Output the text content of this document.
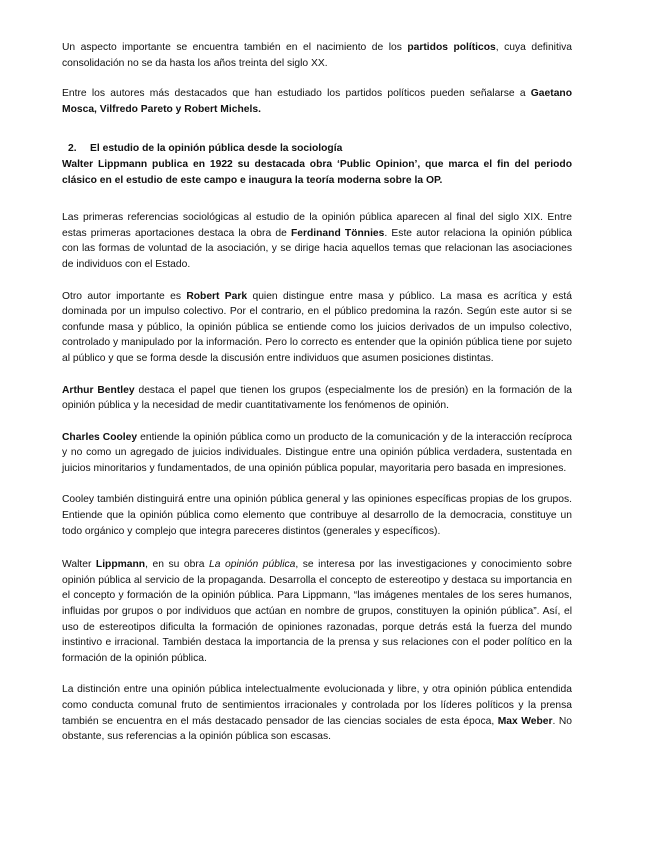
Un aspecto importante se encuentra también en el nacimiento de los partidos políticos, cuya definitiva consolidación no se da hasta los años treinta del siglo XX.

Entre los autores más destacados que han estudiado los partidos políticos pueden señalarse a Gaetano Mosca, Vilfredo Pareto y Robert Michels.

2.	El estudio de la opinión pública desde la sociología

Walter Lippmann publica en 1922 su destacada obra ‘Public Opinion’, que marca el fin del periodo clásico en el estudio de este campo e inaugura la teoría moderna sobre la OP.

Las primeras referencias sociológicas al estudio de la opinión pública aparecen al final del siglo XIX. Entre estas primeras aportaciones destaca la obra de Ferdinand Tönnies. Este autor relaciona la opinión pública con las formas de voluntad de la asociación, y se dirige hacia aquellos temas que relacionan las asociaciones de individuos con el Estado.

Otro autor importante es Robert Park quien distingue entre masa y público. La masa es acrítica y está dominada por un impulso colectivo. Por el contrario, en el público predomina la razón. Según este autor si se confunde masa y público, la opinión pública se entiende como los juicios derivados de un impulso colectivo, controlado y manipulado por la información. Pero lo correcto es entender que la opinión pública tiene por sujeto al público y que se forma desde la discusión entre individuos que asumen posiciones distintas.

Arthur Bentley destaca el papel que tienen los grupos (especialmente los de presión) en la formación de la opinión pública y la necesidad de medir cuantitativamente los fenómenos de opinión.

Charles Cooley entiende la opinión pública como un producto de la comunicación y de la interacción recíproca y no como un agregado de juicios individuales. Distingue entre una opinión pública verdadera, sustentada en juicios minoritarios y fundamentados, de una opinión pública popular, mayoritaria pero basada en impresiones.

Cooley también distinguirá entre una opinión pública general y las opiniones específicas propias de los grupos. Entiende que la opinión pública como elemento que contribuye al desarrollo de la democracia, constituye un todo orgánico y complejo que integra pareceres distintos (generales y específicos).

Walter Lippmann, en su obra La opinión pública, se interesa por las investigaciones y conocimiento sobre opinión pública al servicio de la propaganda. Desarrolla el concepto de estereotipo y destaca su importancia en el concepto y formación de la opinión pública. Para Lippmann, “las imágenes mentales de los seres humanos, influidas por grupos o por individuos que actúan en nombre de grupos, constituyen la opinión pública”. Así, el uso de estereotipos dificulta la formación de opiniones razonadas, porque detrás está la fuerza del mundo instintivo e irracional. También destaca la importancia de la prensa y sus relaciones con el poder político en la formación de la opinión pública.

La distinción entre una opinión pública intelectualmente evolucionada y libre, y otra opinión pública entendida como conducta comunal fruto de sentimientos irracionales y controlada por los líderes políticos y la prensa también se encuentra en el más destacado pensador de las ciencias sociales de esta época, Max Weber. No obstante, sus referencias a la opinión pública son escasas.
